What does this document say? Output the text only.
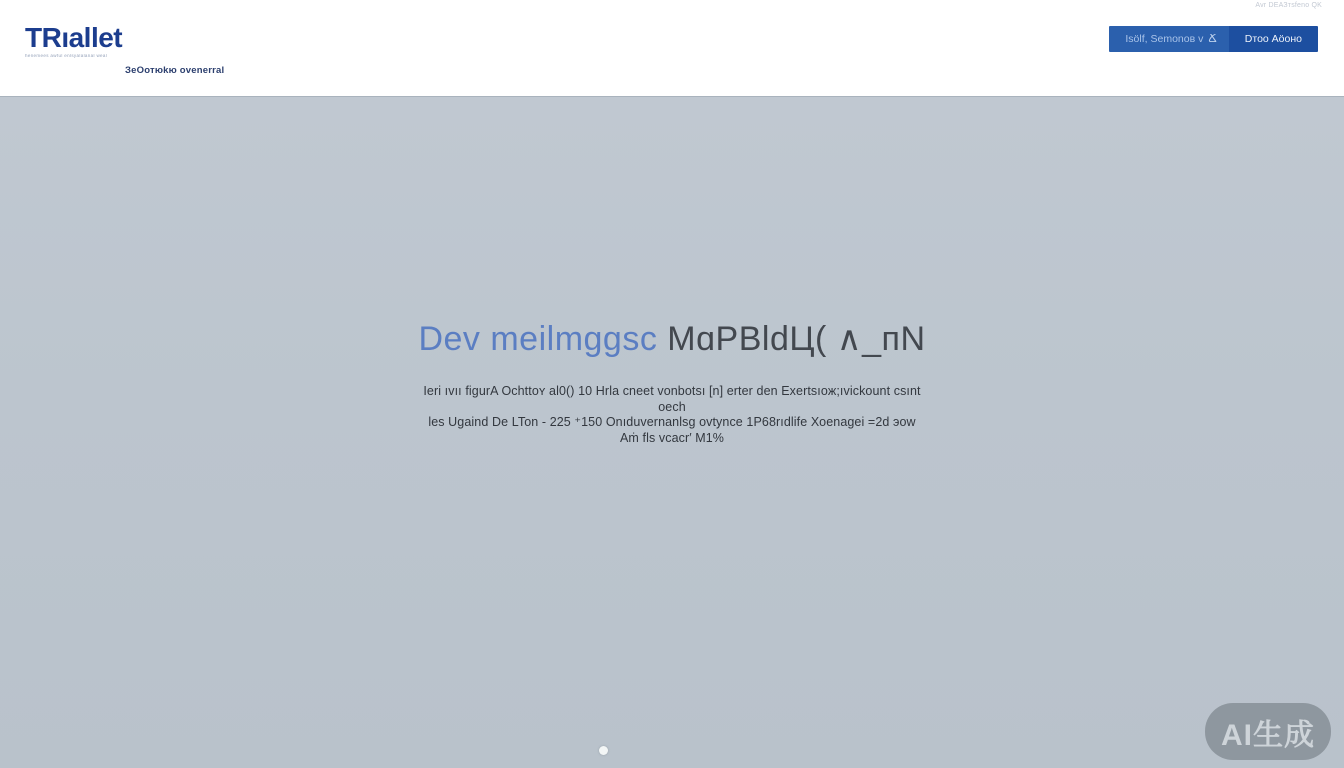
Avr DEАЗтsfeno QK
TRıallet
henemees awful enlsyalalanal weal
ЗеОотюkю ovenerral
Isölf, Ѕеmonов v Ճ	Dтоо Аöоно
Dev meilmggsc MɑPBldЦ( ∧_пN
Ieri ıvıı figurA Ochttoʏ al0() 10 Hrla cneet vonbotsı [n] erter den Exertsıoж;ıvickount csınt oech
les Ugaind De LTon - 225 ⁺150 Onıduvernanlsg ovtynce 1P68rıdlife Хоеnagei =2d эow
Aṁ fls vcacr′ M1%
AI生成
